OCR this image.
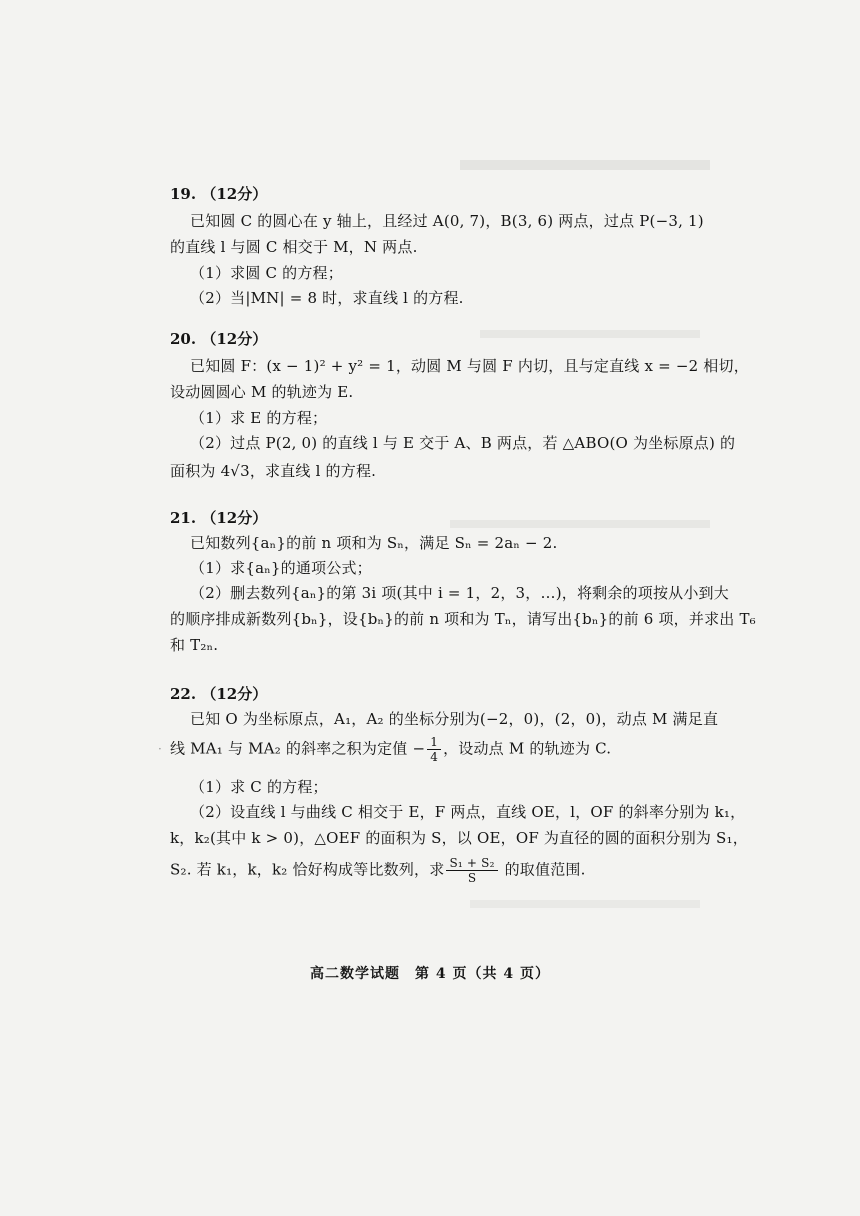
19. （12分）
已知圆 C 的圆心在 y 轴上，且经过 A(0, 7)，B(3, 6) 两点，过点 P(−3, 1)
的直线 l 与圆 C 相交于 M，N 两点.
（1）求圆 C 的方程；
（2）当|MN| = 8 时，求直线 l 的方程.
20. （12分）
已知圆 F：(x − 1)² + y² = 1，动圆 M 与圆 F 内切，且与定直线 x = −2 相切，
设动圆圆心 M 的轨迹为 E.
（1）求 E 的方程；
（2）过点 P(2, 0) 的直线 l 与 E 交于 A、B 两点，若 △ABO(O 为坐标原点) 的
面积为 4√3，求直线 l 的方程.
21. （12分）
已知数列{aₙ}的前 n 项和为 Sₙ，满足 Sₙ = 2aₙ − 2.
（1）求{aₙ}的通项公式；
（2）删去数列{aₙ}的第 3i 项(其中 i = 1，2，3，…)，将剩余的项按从小到大
的顺序排成新数列{bₙ}，设{bₙ}的前 n 项和为 Tₙ，请写出{bₙ}的前 6 项，并求出 T₆
和 T₂ₙ.
22. （12分）
已知 O 为坐标原点，A₁，A₂ 的坐标分别为(−2，0)，(2，0)，动点 M 满足直
线 MA₁ 与 MA₂ 的斜率之积为定值 − $\frac{1}{4}$ ，设动点 M 的轨迹为 C.
（1）求 C 的方程；
（2）设直线 l 与曲线 C 相交于 E，F 两点，直线 OE，l，OF 的斜率分别为 k₁，
k，k₂(其中 k > 0)，△OEF 的面积为 S，以 OE，OF 为直径的圆的面积分别为 S₁，
S₂. 若 k₁，k，k₂ 恰好构成等比数列，求 $\frac{\text{S₁ + S₂}}{S}$ 的取值范围.
·
高二数学试题　第 4 页（共 4 页）
